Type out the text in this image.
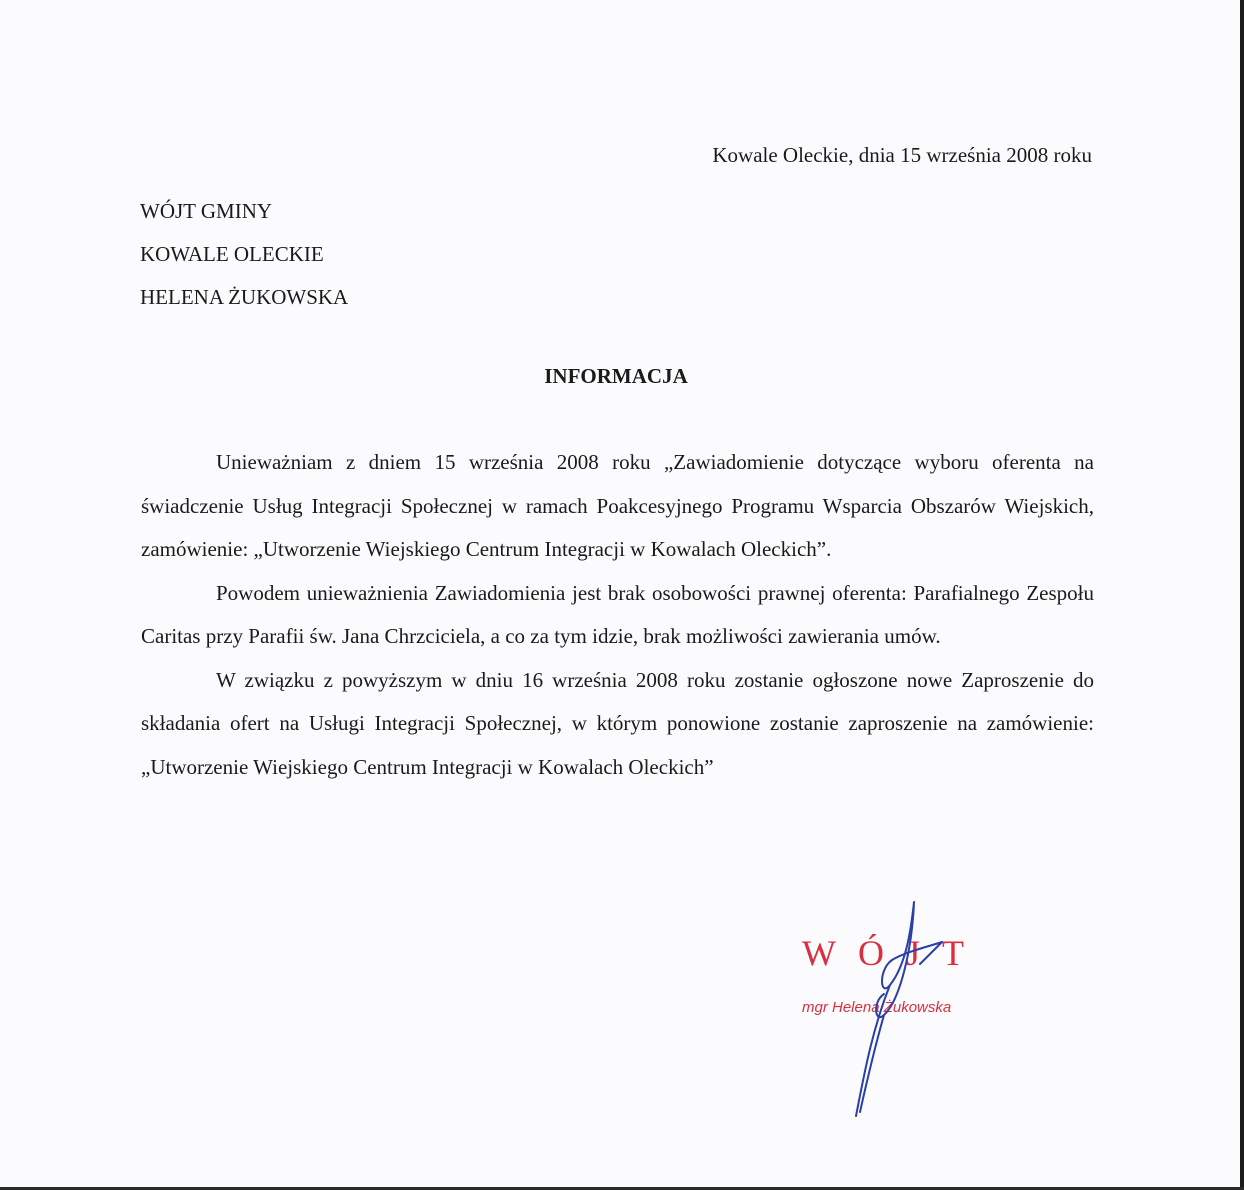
Kowale Oleckie, dnia 15 września 2008 roku
WÓJT GMINY
KOWALE OLECKIE
HELENA ŻUKOWSKA
INFORMACJA

Unieważniam z dniem 15 września 2008 roku „Zawiadomienie dotyczące wyboru oferenta na świadczenie Usług Integracji Społecznej w ramach Poakcesyjnego Programu Wsparcia Obszarów Wiejskich, zamówienie: „Utworzenie Wiejskiego Centrum Integracji w Kowalach Oleckich”.

Powodem unieważnienia Zawiadomienia jest brak osobowości prawnej oferenta: Parafialnego Zespołu Caritas przy Parafii św. Jana Chrzciciela, a co za tym idzie, brak możliwości zawierania umów.

W związku z powyższym w dniu 16 września 2008 roku zostanie ogłoszone nowe Zaproszenie do składania ofert na Usługi Integracji Społecznej, w którym ponowione zostanie zaproszenie na zamówienie: „Utworzenie Wiejskiego Centrum Integracji w Kowalach Oleckich”

WÓJT
mgr Helena Żukowska
